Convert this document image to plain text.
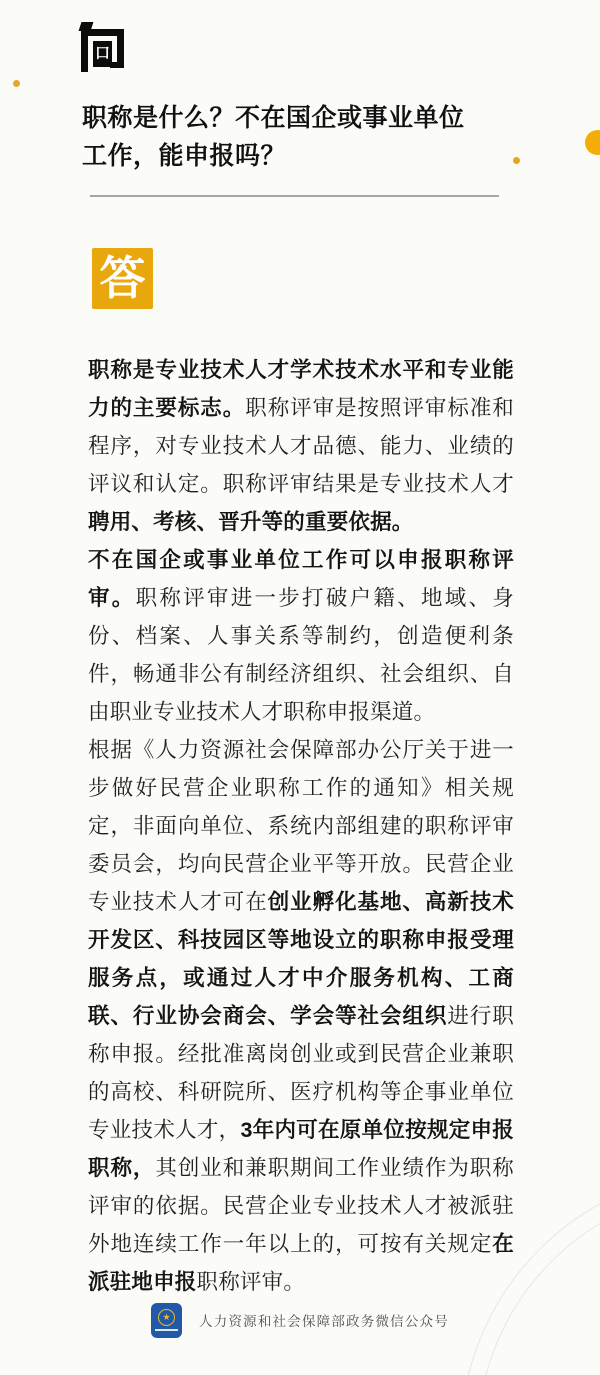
口
职称是什么？不在国企或事业单位工作，能申报吗？
答

职称是专业技术人才学术技术水平和专业能力的主要标志。职称评审是按照评审标准和程序，对专业技术人才品德、能力、业绩的评议和认定。职称评审结果是专业技术人才聘用、考核、晋升等的重要依据。

不在国企或事业单位工作可以申报职称评审。职称评审进一步打破户籍、地域、身份、档案、人事关系等制约，创造便利条件，畅通非公有制经济组织、社会组织、自由职业专业技术人才职称申报渠道。

根据《人力资源社会保障部办公厅关于进一步做好民营企业职称工作的通知》相关规定，非面向单位、系统内部组建的职称评审委员会，均向民营企业平等开放。民营企业专业技术人才可在创业孵化基地、高新技术开发区、科技园区等地设立的职称申报受理服务点，或通过人才中介服务机构、工商联、行业协会商会、学会等社会组织进行职称申报。经批准离岗创业或到民营企业兼职的高校、科研院所、医疗机构等企事业单位专业技术人才，3年内可在原单位按规定申报职称，其创业和兼职期间工作业绩作为职称评审的依据。民营企业专业技术人才被派驻外地连续工作一年以上的，可按有关规定在派驻地申报职称评审。

★	人力资源和社会保障部政务微信公众号
